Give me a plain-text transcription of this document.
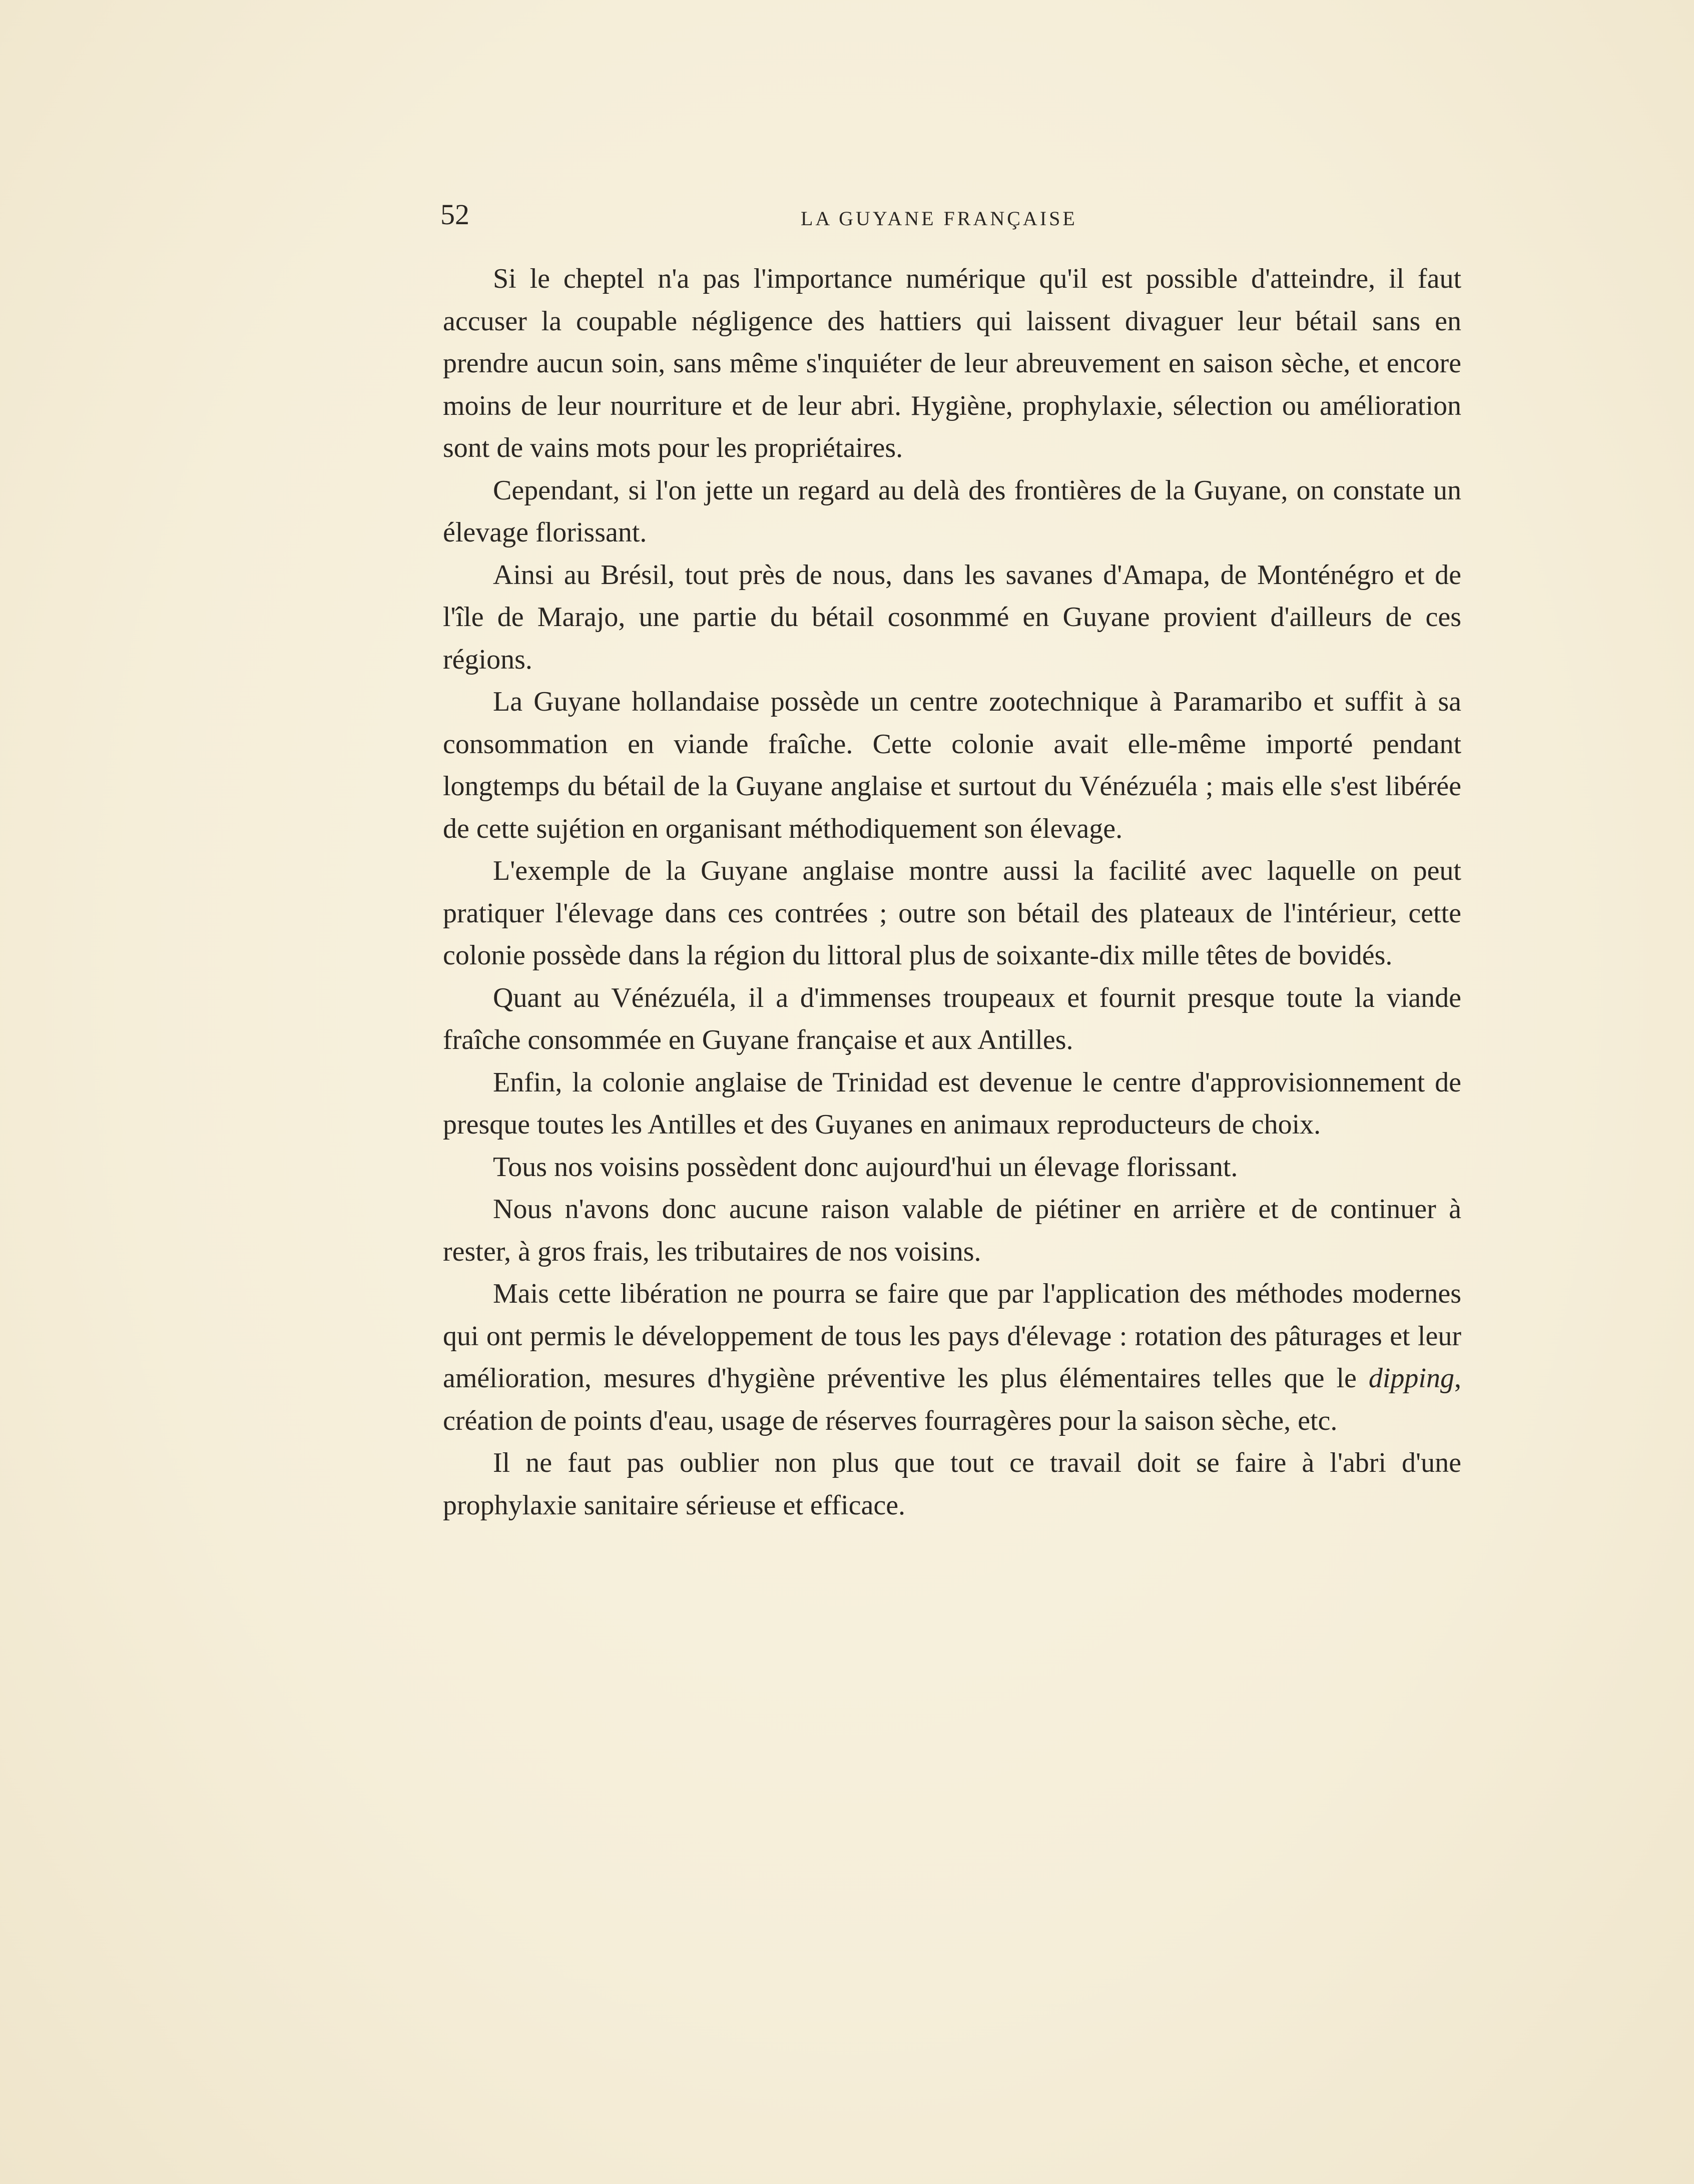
52	LA GUYANE FRANÇAISE

Si le cheptel n'a pas l'importance numérique qu'il est possible d'atteindre, il faut accuser la coupable négligence des hattiers qui laissent divaguer leur bétail sans en prendre aucun soin, sans même s'inquiéter de leur abreuvement en saison sèche, et encore moins de leur nourriture et de leur abri. Hygiène, prophylaxie, sélection ou amélioration sont de vains mots pour les propriétaires.

Cependant, si l'on jette un regard au delà des frontières de la Guyane, on constate un élevage florissant.

Ainsi au Brésil, tout près de nous, dans les savanes d'Amapa, de Monténégro et de l'île de Marajo, une partie du bétail cosonmmé en Guyane provient d'ailleurs de ces régions.

La Guyane hollandaise possède un centre zootechnique à Paramaribo et suffit à sa consommation en viande fraîche. Cette colonie avait elle-même importé pendant longtemps du bétail de la Guyane anglaise et surtout du Vénézuéla ; mais elle s'est libérée de cette sujétion en organisant méthodiquement son élevage.

L'exemple de la Guyane anglaise montre aussi la facilité avec laquelle on peut pratiquer l'élevage dans ces contrées ; outre son bétail des plateaux de l'intérieur, cette colonie possède dans la région du littoral plus de soixante-dix mille têtes de bovidés.

Quant au Vénézuéla, il a d'immenses troupeaux et fournit presque toute la viande fraîche consommée en Guyane française et aux Antilles.

Enfin, la colonie anglaise de Trinidad est devenue le centre d'approvisionnement de presque toutes les Antilles et des Guyanes en animaux reproducteurs de choix.

Tous nos voisins possèdent donc aujourd'hui un élevage florissant.

Nous n'avons donc aucune raison valable de piétiner en arrière et de continuer à rester, à gros frais, les tributaires de nos voisins.

Mais cette libération ne pourra se faire que par l'application des méthodes modernes qui ont permis le développement de tous les pays d'élevage : rotation des pâturages et leur amélioration, mesures d'hygiène préventive les plus élémentaires telles que le dipping, création de points d'eau, usage de réserves fourragères pour la saison sèche, etc.

Il ne faut pas oublier non plus que tout ce travail doit se faire à l'abri d'une prophylaxie sanitaire sérieuse et efficace.
